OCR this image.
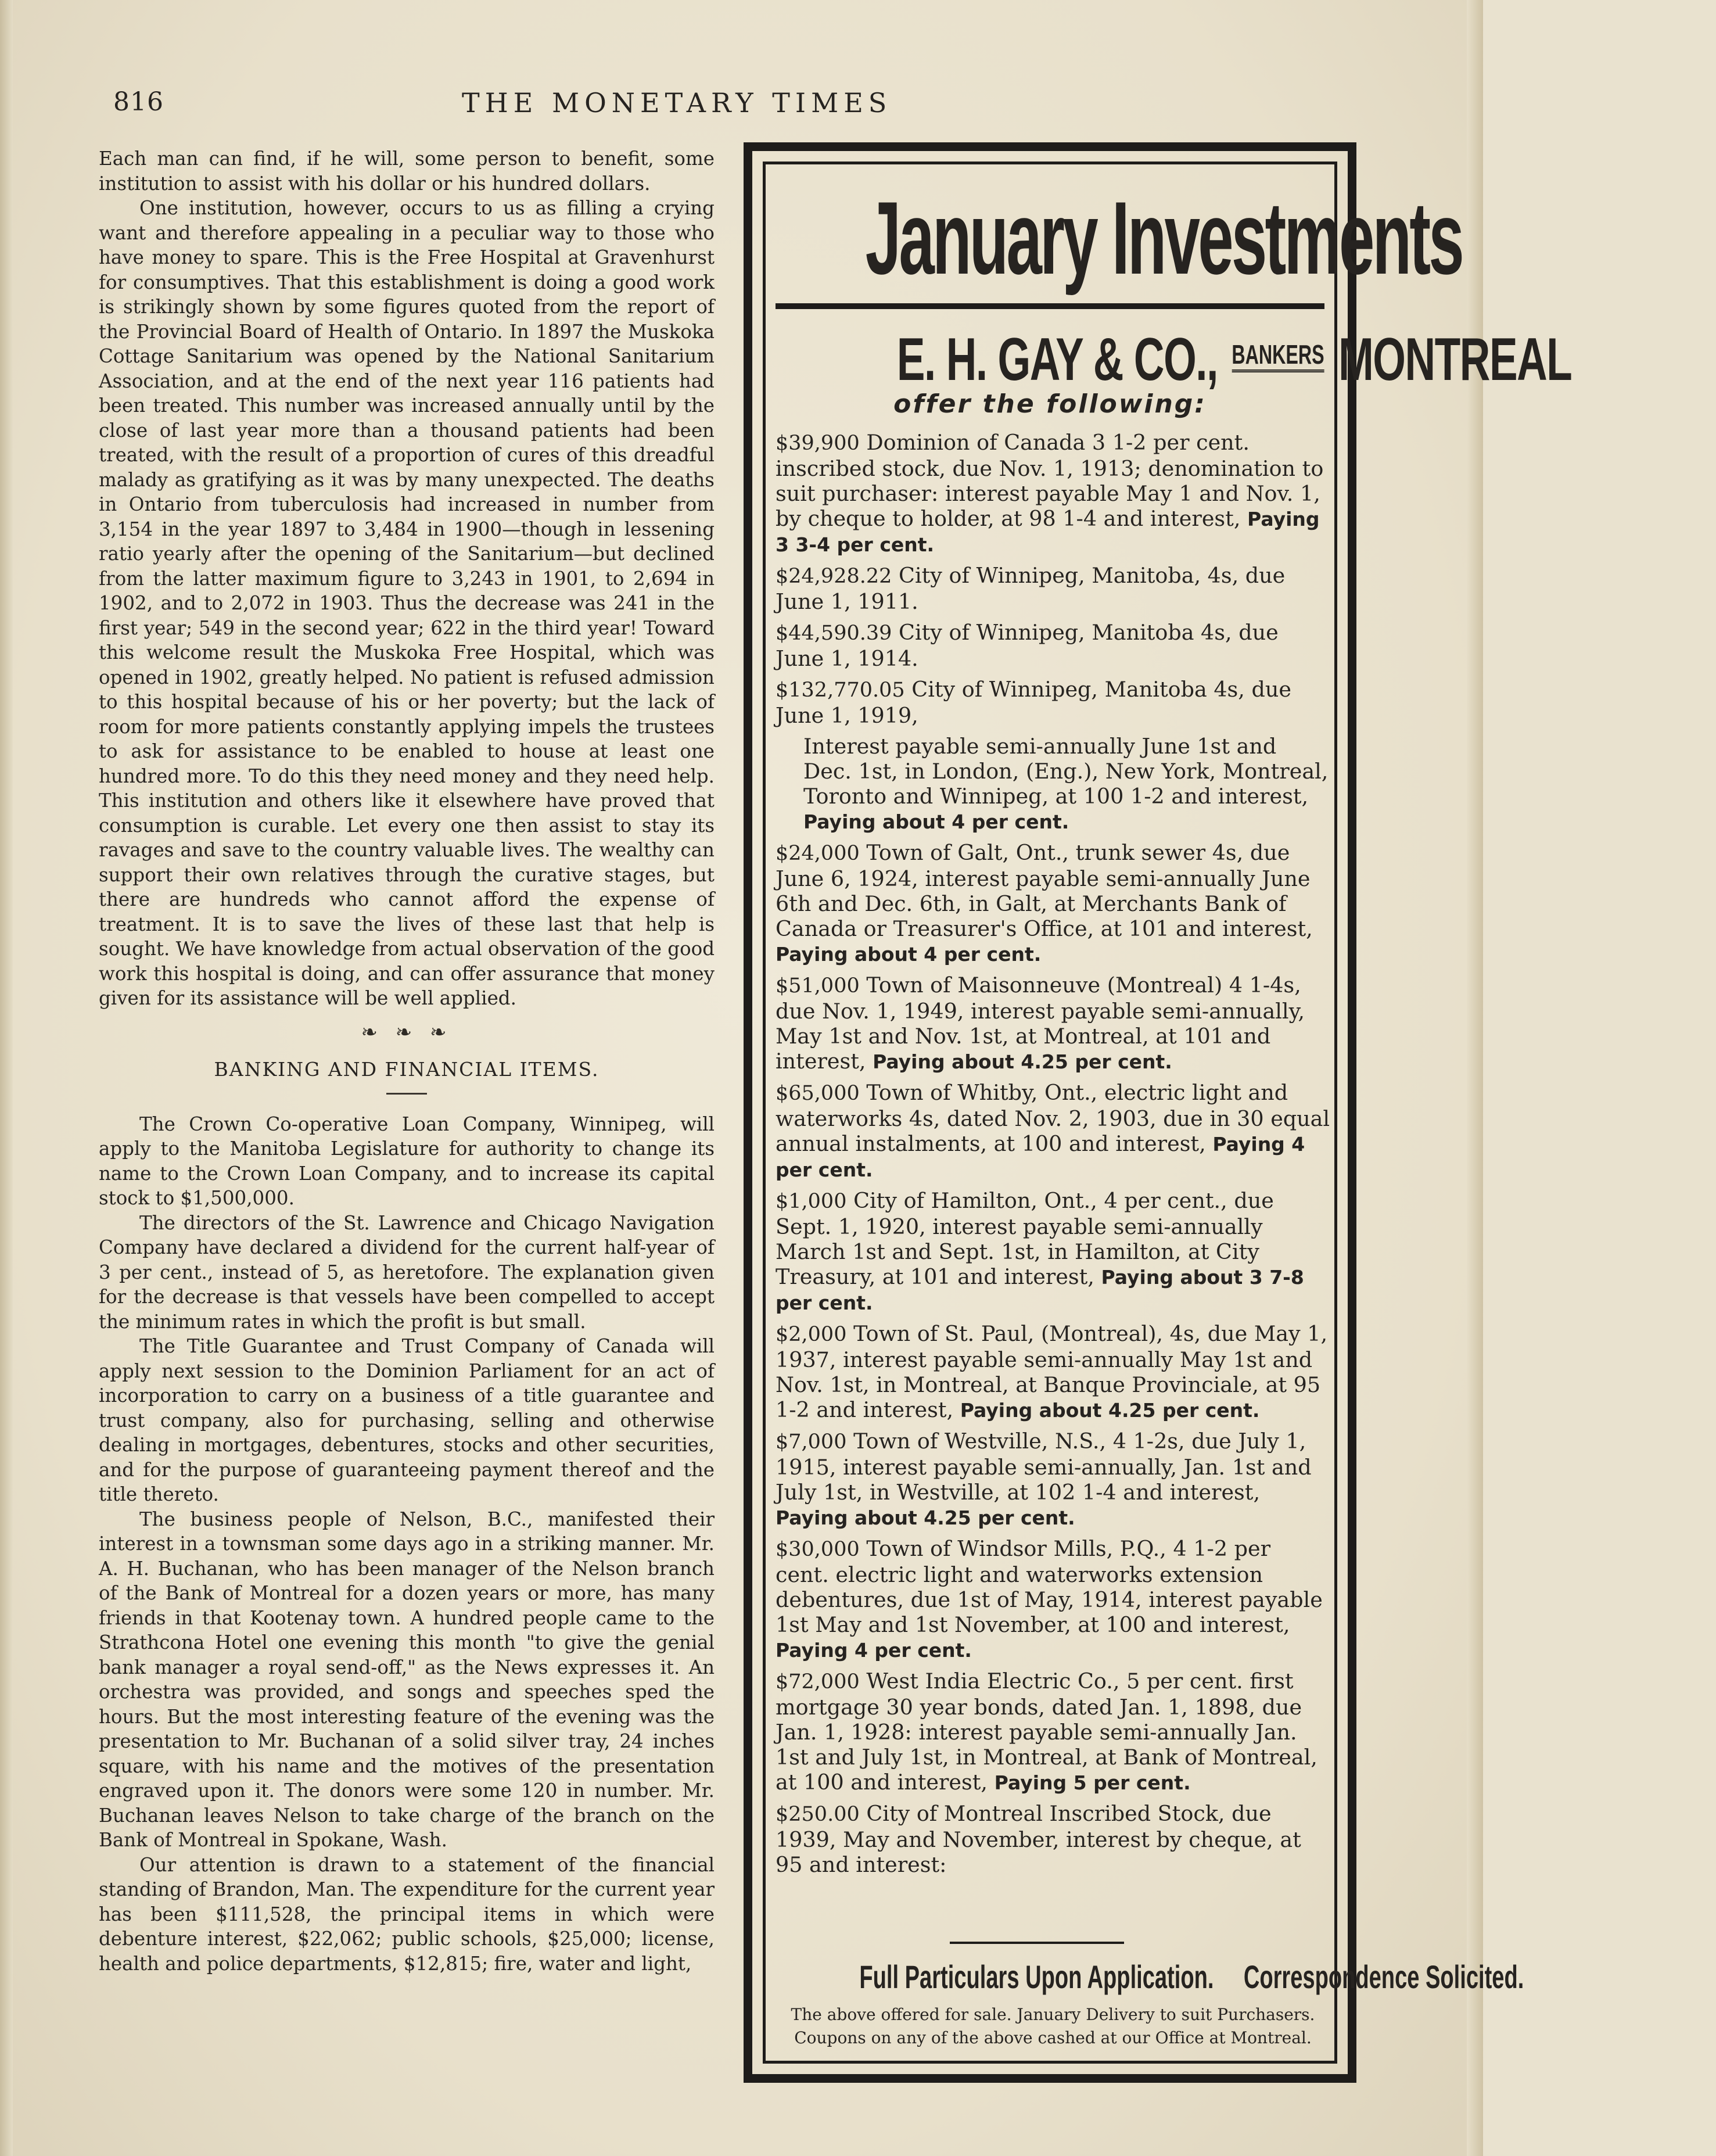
816	THE MONETARY TIMES

Each man can find, if he will, some person to benefit, some institution to assist with his dollar or his hundred dollars.

One institution, however, occurs to us as filling a crying want and therefore appealing in a peculiar way to those who have money to spare. This is the Free Hospital at Gravenhurst for consumptives. That this establishment is doing a good work is strikingly shown by some figures quoted from the report of the Provincial Board of Health of Ontario. In 1897 the Muskoka Cottage Sanitarium was opened by the National Sanitarium Association, and at the end of the next year 116 patients had been treated. This number was increased annually until by the close of last year more than a thousand patients had been treated, with the result of a proportion of cures of this dreadful malady as gratifying as it was by many unexpected. The deaths in Ontario from tuberculosis had increased in number from 3,154 in the year 1897 to 3,484 in 1900—though in lessening ratio yearly after the opening of the Sanitarium—but declined from the latter maximum figure to 3,243 in 1901, to 2,694 in 1902, and to 2,072 in 1903. Thus the decrease was 241 in the first year; 549 in the second year; 622 in the third year! Toward this welcome result the Muskoka Free Hospital, which was opened in 1902, greatly helped. No patient is refused admission to this hospital because of his or her poverty; but the lack of room for more patients constantly applying impels the trustees to ask for assistance to be enabled to house at least one hundred more. To do this they need money and they need help. This institution and others like it elsewhere have proved that consumption is curable. Let every one then assist to stay its ravages and save to the country valuable lives. The wealthy can support their own relatives through the curative stages, but there are hundreds who cannot afford the expense of treatment. It is to save the lives of these last that help is sought. We have knowledge from actual observation of the good work this hospital is doing, and can offer assurance that money given for its assistance will be well applied.

❧ ❧ ❧
BANKING AND FINANCIAL ITEMS.

The Crown Co-operative Loan Company, Winnipeg, will apply to the Manitoba Legislature for authority to change its name to the Crown Loan Company, and to increase its capital stock to $1,500,000.

The directors of the St. Lawrence and Chicago Navigation Company have declared a dividend for the current half-year of 3 per cent., instead of 5, as heretofore. The explanation given for the decrease is that vessels have been compelled to accept the minimum rates in which the profit is but small.

The Title Guarantee and Trust Company of Canada will apply next session to the Dominion Parliament for an act of incorporation to carry on a business of a title guarantee and trust company, also for purchasing, selling and otherwise dealing in mortgages, debentures, stocks and other securities, and for the purpose of guaranteeing payment thereof and the title thereto.

The business people of Nelson, B.C., manifested their interest in a townsman some days ago in a striking manner. Mr. A. H. Buchanan, who has been manager of the Nelson branch of the Bank of Montreal for a dozen years or more, has many friends in that Kootenay town. A hundred people came to the Strathcona Hotel one evening this month "to give the genial bank manager a royal send-off," as the News expresses it. An orchestra was provided, and songs and speeches sped the hours. But the most interesting feature of the evening was the presentation to Mr. Buchanan of a solid silver tray, 24 inches square, with his name and the motives of the presentation engraved upon it. The donors were some 120 in number. Mr. Buchanan leaves Nelson to take charge of the branch on the Bank of Montreal in Spokane, Wash.

Our attention is drawn to a statement of the financial standing of Brandon, Man. The expenditure for the current year has been $111,528, the principal items in which were debenture interest, $22,062; public schools, $25,000; license, health and police departments, $12,815; fire, water and light,

January Investments
E. H. GAY & CO., $^{BANKERS}$ MONTREAL
offer the following:
$39,900 Dominion of Canada 3 1-2 per cent. inscribed stock, due Nov. 1, 1913; denomination to suit purchaser: interest payable May 1 and Nov. 1, by cheque to holder, at 98 1-4 and interest, Paying 3 3-4 per cent.
$24,928.22 City of Winnipeg, Manitoba, 4s, due June 1, 1911.
$44,590.39 City of Winnipeg, Manitoba 4s, due June 1, 1914.
$132,770.05 City of Winnipeg, Manitoba 4s, due June 1, 1919,
Interest payable semi-annually June 1st and Dec. 1st, in London, (Eng.), New York, Montreal, Toronto and Winnipeg, at 100 1-2 and interest, Paying about 4 per cent.
$24,000 Town of Galt, Ont., trunk sewer 4s, due June 6, 1924, interest payable semi-annually June 6th and Dec. 6th, in Galt, at Merchants Bank of Canada or Treasurer's Office, at 101 and interest, Paying about 4 per cent.
$51,000 Town of Maisonneuve (Montreal) 4 1-4s, due Nov. 1, 1949, interest payable semi-annually, May 1st and Nov. 1st, at Montreal, at 101 and interest, Paying about 4.25 per cent.
$65,000 Town of Whitby, Ont., electric light and waterworks 4s, dated Nov. 2, 1903, due in 30 equal annual instalments, at 100 and interest, Paying 4 per cent.
$1,000 City of Hamilton, Ont., 4 per cent., due Sept. 1, 1920, interest payable semi-annually March 1st and Sept. 1st, in Hamilton, at City Treasury, at 101 and interest, Paying about 3 7-8 per cent.
$2,000 Town of St. Paul, (Montreal), 4s, due May 1, 1937, interest payable semi-annually May 1st and Nov. 1st, in Montreal, at Banque Provinciale, at 95 1-2 and interest, Paying about 4.25 per cent.
$7,000 Town of Westville, N.S., 4 1-2s, due July 1, 1915, interest payable semi-annually, Jan. 1st and July 1st, in Westville, at 102 1-4 and interest, Paying about 4.25 per cent.
$30,000 Town of Windsor Mills, P.Q., 4 1-2 per cent. electric light and waterworks extension debentures, due 1st of May, 1914, interest payable 1st May and 1st November, at 100 and interest, Paying 4 per cent.
$72,000 West India Electric Co., 5 per cent. first mortgage 30 year bonds, dated Jan. 1, 1898, due Jan. 1, 1928: interest payable semi-annually Jan. 1st and July 1st, in Montreal, at Bank of Montreal, at 100 and interest, Paying 5 per cent.
$250.00 City of Montreal Inscribed Stock, due 1939, May and November, interest by cheque, at 95 and interest:
Full Particulars Upon Application. Correspondence Solicited.
The above offered for sale. January Delivery to suit Purchasers. Coupons on any of the above cashed at our Office at Montreal.
